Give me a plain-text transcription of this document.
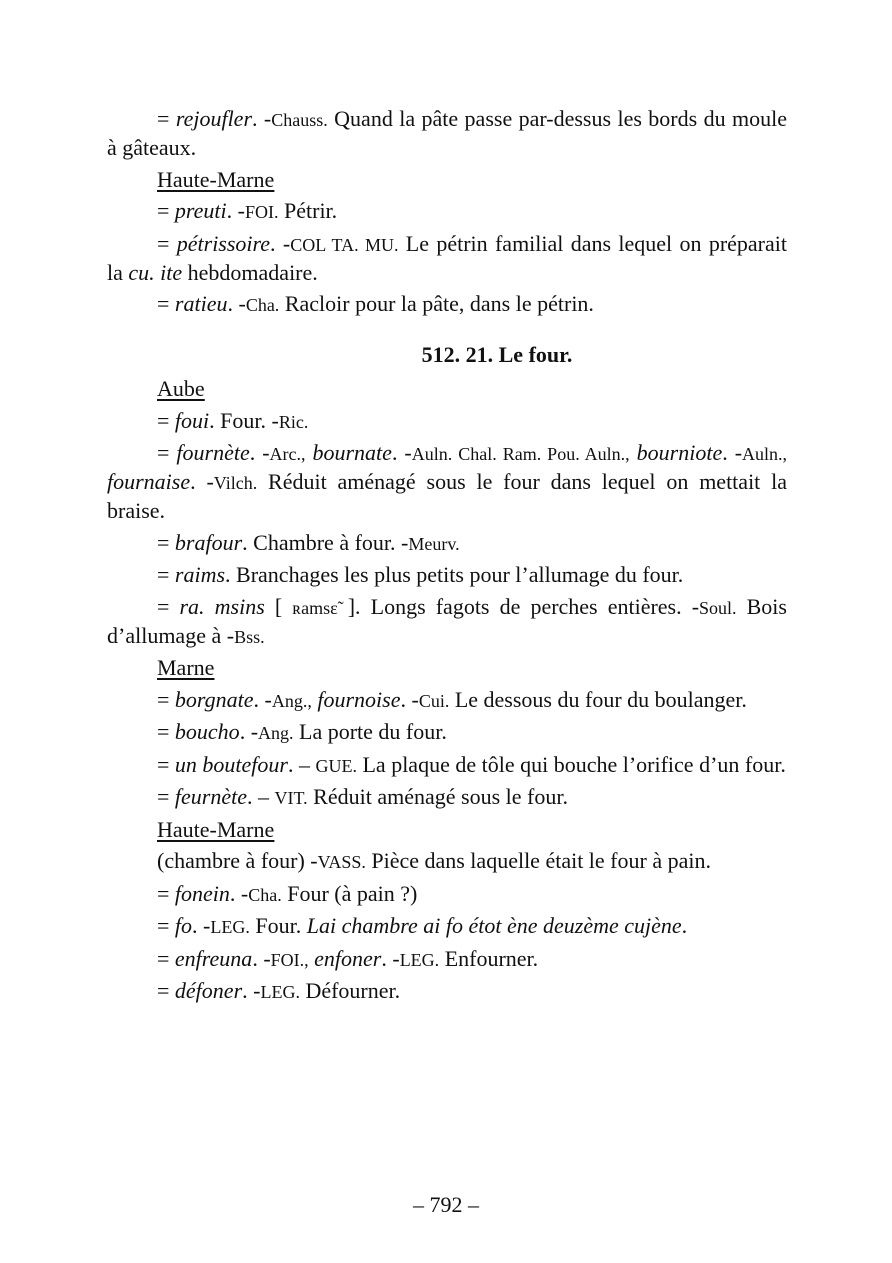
= rejoufler. -Chauss. Quand la pâte passe par-dessus les bords du moule à gâteaux.

Haute-Marne

= preuti. -FOI. Pétrir.

= pétrissoire. -COL TA. MU. Le pétrin familial dans lequel on préparait la cu. ite hebdomadaire.

= ratieu. -Cha. Racloir pour la pâte, dans le pétrin.

512. 21. Le four.

Aube

= foui. Four. -Ric.

= fournète. -Arc., bournate. -Auln. Chal. Ram. Pou. Auln., bourniote. -Auln., fournaise. -Vilch. Réduit aménagé sous le four dans lequel on mettait la braise.

= brafour. Chambre à four. -Meurv.

= raims. Branchages les plus petits pour l’allumage du four.

= ra. msins [ ʀamsɛ̃ ]. Longs fagots de perches entières. -Soul. Bois d’allumage à -Bss.

Marne

= borgnate. -Ang., fournoise. -Cui. Le dessous du four du boulanger.

= boucho. -Ang. La porte du four.

= un boutefour. – GUE. La plaque de tôle qui bouche l’orifice d’un four.

= feurnète. – VIT. Réduit aménagé sous le four.

Haute-Marne

(chambre à four) -VASS. Pièce dans laquelle était le four à pain.

= fonein. -Cha. Four (à pain ?)

= fo. -LEG. Four. Lai chambre ai fo étot ène deuzème cujène.

= enfreuna. -FOI., enfoner. -LEG. Enfourner.

= défoner. -LEG. Défourner.

– 792 –
